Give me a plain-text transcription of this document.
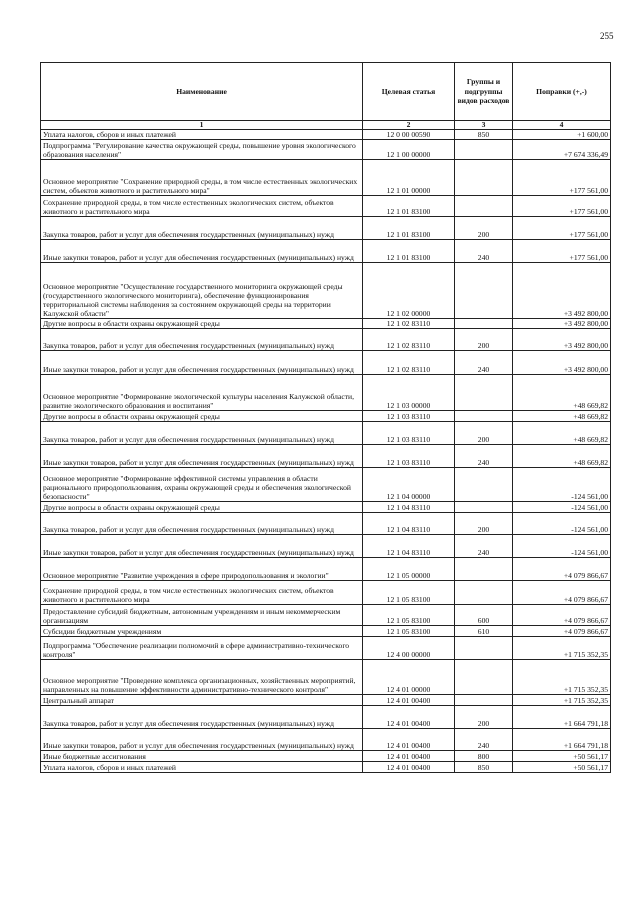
255
Наименование	Целевая статья	Группы и подгруппы видов расходов	Поправки (+,-)
1	2	3	4
Уплата налогов, сборов и иных платежей	12 0 00 00590	850	+1 600,00
Подпрограмма "Регулирование качества окружающей среды, повышение уровня экологического образования населения"	12 1 00 00000		+7 674 336,49
Основное мероприятие "Сохранение природной среды, в том числе естественных экологических систем, объектов животного и растительного мира"	12 1 01 00000		+177 561,00
Сохранение природной среды, в том числе естественных экологических систем, объектов животного и растительного мира	12 1 01 83100		+177 561,00
Закупка товаров, работ и услуг для обеспечения государственных (муниципальных) нужд	12 1 01 83100	200	+177 561,00
Иные закупки товаров, работ и услуг для обеспечения государственных (муниципальных) нужд	12 1 01 83100	240	+177 561,00
Основное мероприятие "Осуществление государственного мониторинга окружающей среды (государственного экологического мониторинга), обеспечение функционирования территориальной системы наблюдения за состоянием окружающей среды на территории Калужской области"	12 1 02 00000		+3 492 800,00
Другие вопросы в области охраны окружающей среды	12 1 02 83110		+3 492 800,00
Закупка товаров, работ и услуг для обеспечения государственных (муниципальных) нужд	12 1 02 83110	200	+3 492 800,00
Иные закупки товаров, работ и услуг для обеспечения государственных (муниципальных) нужд	12 1 02 83110	240	+3 492 800,00
Основное мероприятие "Формирование экологической культуры населения Калужской области, развитие экологического образования и воспитания"	12 1 03 00000		+48 669,82
Другие вопросы в области охраны окружающей среды	12 1 03 83110		+48 669,82
Закупка товаров, работ и услуг для обеспечения государственных (муниципальных) нужд	12 1 03 83110	200	+48 669,82
Иные закупки товаров, работ и услуг для обеспечения государственных (муниципальных) нужд	12 1 03 83110	240	+48 669,82
Основное мероприятие "Формирование эффективной системы управления в области рационального природопользования, охраны окружающей среды и обеспечения экологической безопасности"	12 1 04 00000		-124 561,00
Другие вопросы в области охраны окружающей среды	12 1 04 83110		-124 561,00
Закупка товаров, работ и услуг для обеспечения государственных (муниципальных) нужд	12 1 04 83110	200	-124 561,00
Иные закупки товаров, работ и услуг для обеспечения государственных (муниципальных) нужд	12 1 04 83110	240	-124 561,00
Основное мероприятие "Развитие учреждения в сфере природопользования и экологии"	12 1 05 00000		+4 079 866,67
Сохранение природной среды, в том числе естественных экологических систем, объектов животного и растительного мира	12 1 05 83100		+4 079 866,67
Предоставление субсидий бюджетным, автономным учреждениям и иным некоммерческим организациям	12 1 05 83100	600	+4 079 866,67
Субсидии бюджетным учреждениям	12 1 05 83100	610	+4 079 866,67
Подпрограмма "Обеспечение реализации полномочий в сфере административно-технического контроля"	12 4 00 00000		+1 715 352,35
Основное мероприятие "Проведение комплекса организационных, хозяйственных мероприятий, направленных на повышение эффективности административно-технического контроля"	12 4 01 00000		+1 715 352,35
Центральный аппарат	12 4 01 00400		+1 715 352,35
Закупка товаров, работ и услуг для обеспечения государственных (муниципальных) нужд	12 4 01 00400	200	+1 664 791,18
Иные закупки товаров, работ и услуг для обеспечения государственных (муниципальных) нужд	12 4 01 00400	240	+1 664 791,18
Иные бюджетные ассигнования	12 4 01 00400	800	+50 561,17
Уплата налогов, сборов и иных платежей	12 4 01 00400	850	+50 561,17
